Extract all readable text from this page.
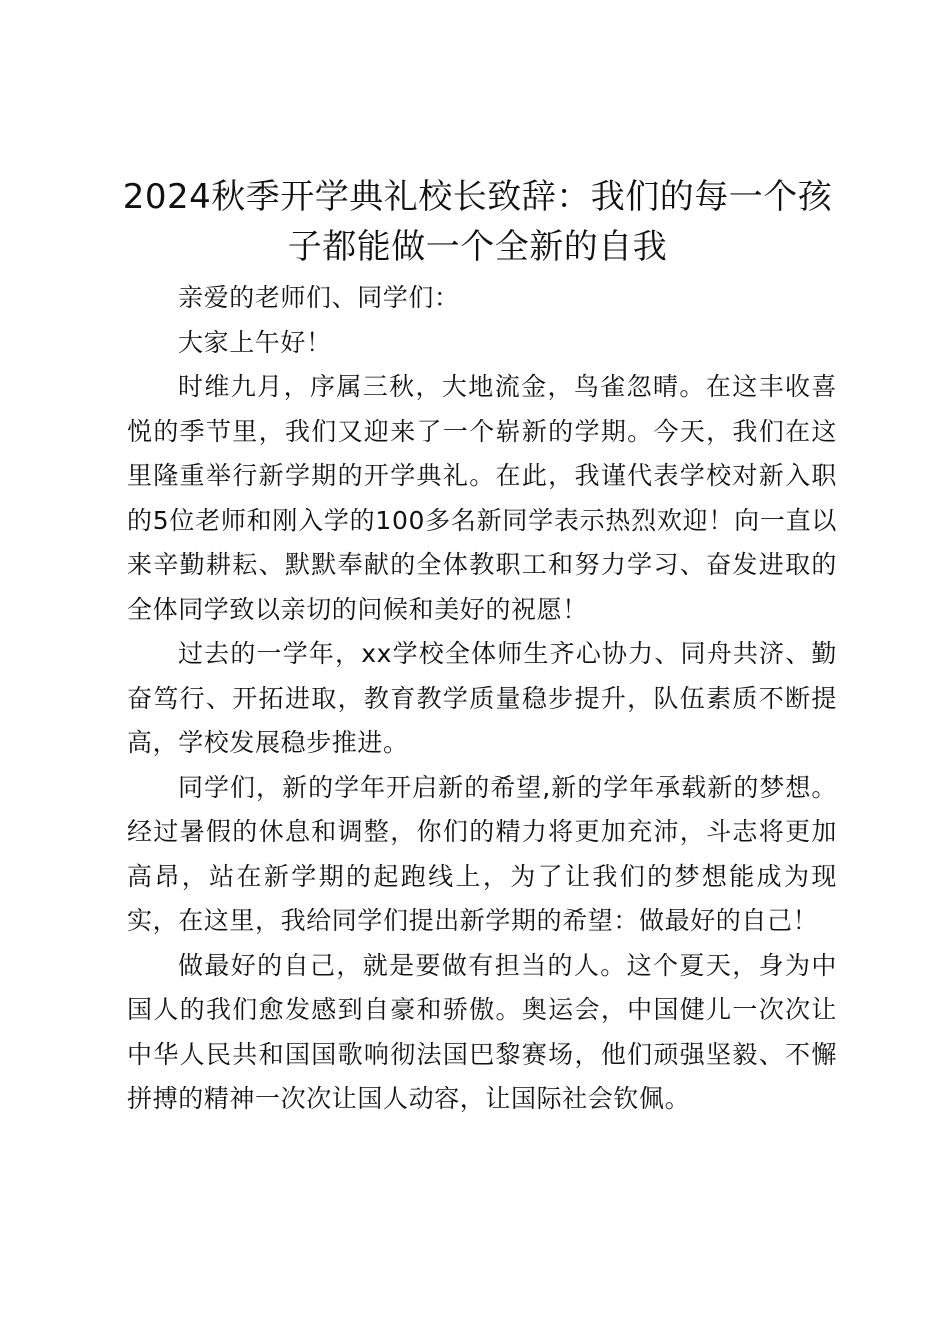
2024秋季开学典礼校长致辞：我们的每一个孩子都能做一个全新的自我

亲爱的老师们、同学们：

大家上午好！

时维九月，序属三秋，大地流金，鸟雀忽晴。在这丰收喜悦的季节里，我们又迎来了一个崭新的学期。今天，我们在这里隆重举行新学期的开学典礼。在此，我谨代表学校对新入职的5位老师和刚入学的100多名新同学表示热烈欢迎！向一直以来辛勤耕耘、默默奉献的全体教职工和努力学习、奋发进取的全体同学致以亲切的问候和美好的祝愿！

过去的一学年，xx学校全体师生齐心协力、同舟共济、勤奋笃行、开拓进取，教育教学质量稳步提升，队伍素质不断提高，学校发展稳步推进。

同学们，新的学年开启新的希望,新的学年承载新的梦想。经过暑假的休息和调整，你们的精力将更加充沛，斗志将更加高昂，站在新学期的起跑线上，为了让我们的梦想能成为现实，在这里，我给同学们提出新学期的希望：做最好的自己！

做最好的自己，就是要做有担当的人。这个夏天，身为中国人的我们愈发感到自豪和骄傲。奥运会，中国健儿一次次让中华人民共和国国歌响彻法国巴黎赛场，他们顽强坚毅、不懈拼搏的精神一次次让国人动容，让国际社会钦佩。
